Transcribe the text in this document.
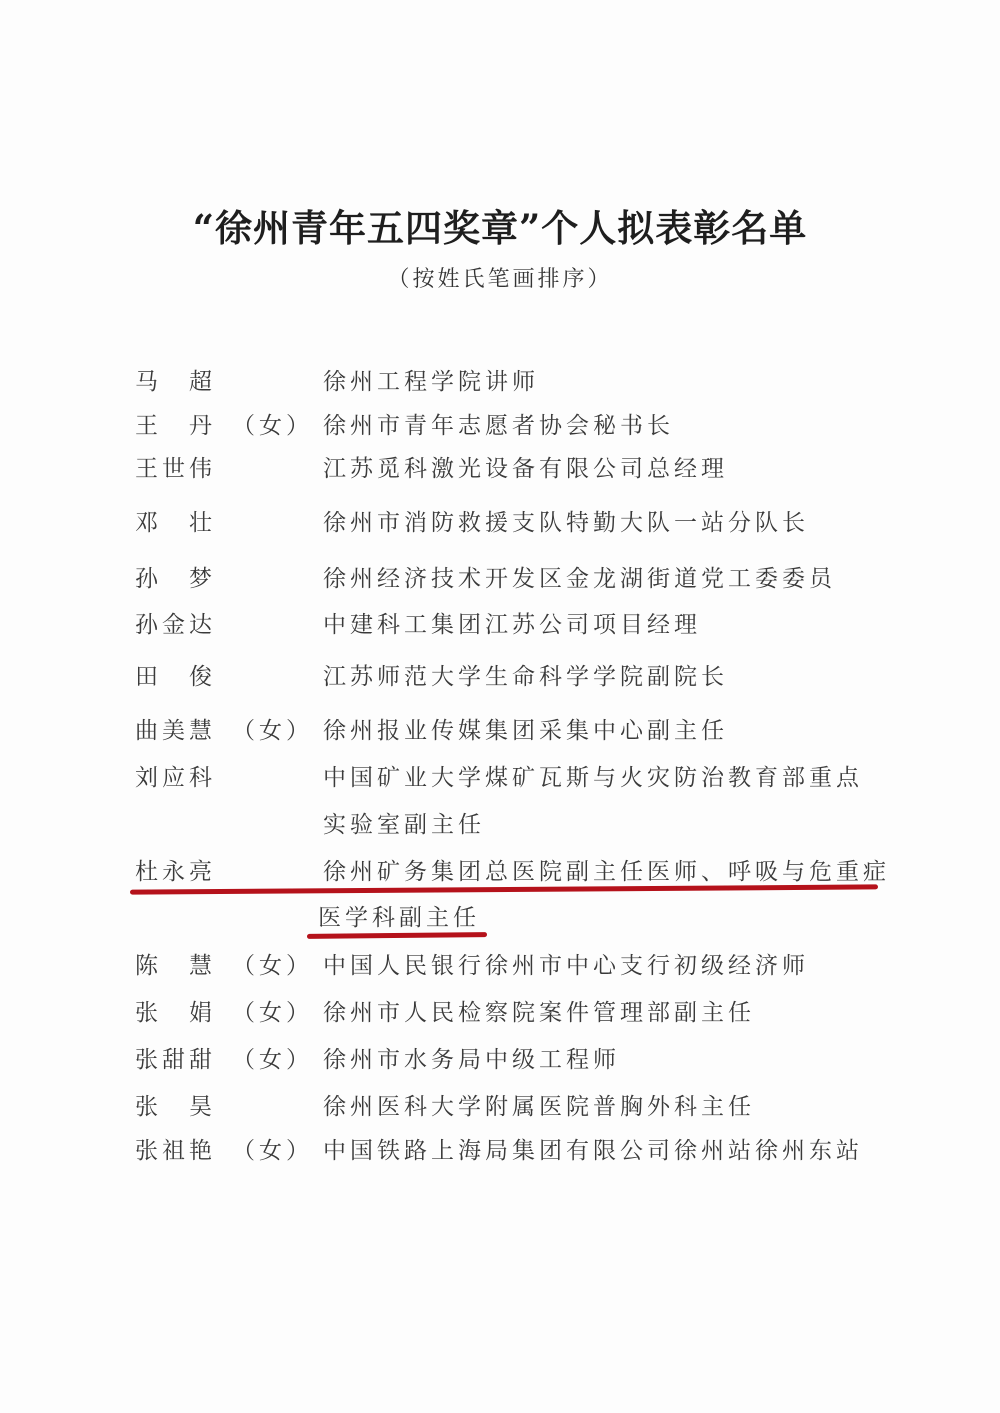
“徐州青年五四奖章”个人拟表彰名单
（按姓氏笔画排序）
马　超	徐州工程学院讲师
王　丹 （女） 徐州市青年志愿者协会秘书长
王世伟	江苏觅科激光设备有限公司总经理
邓　壮	徐州市消防救援支队特勤大队一站分队长
孙　梦	徐州经济技术开发区金龙湖街道党工委委员
孙金达	中建科工集团江苏公司项目经理
田　俊	江苏师范大学生命科学学院副院长
曲美慧 （女） 徐州报业传媒集团采集中心副主任
刘应科	中国矿业大学煤矿瓦斯与火灾防治教育部重点
实验室副主任
杜永亮	徐州矿务集团总医院副主任医师、呼吸与危重症
医学科副主任
陈　慧 （女） 中国人民银行徐州市中心支行初级经济师
张　娟 （女） 徐州市人民检察院案件管理部副主任
张甜甜 （女） 徐州市水务局中级工程师
张　昊	徐州医科大学附属医院普胸外科主任
张祖艳 （女） 中国铁路上海局集团有限公司徐州站徐州东站
